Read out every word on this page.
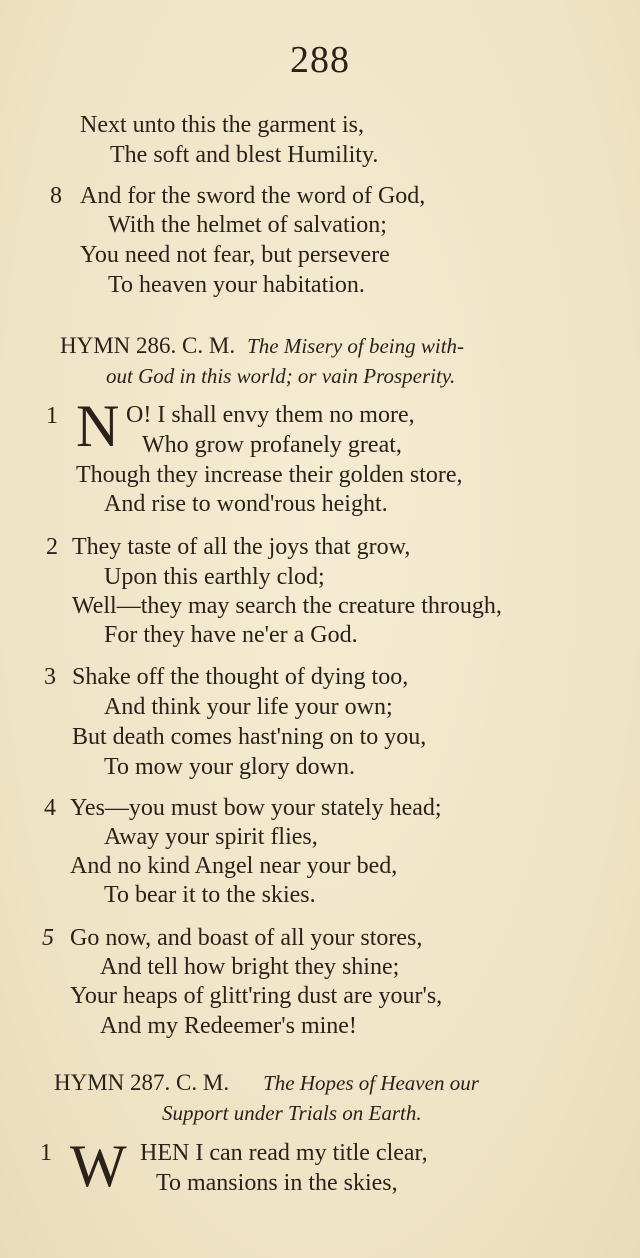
288
Next unto this the garment is,
The soft and blest Humility.
8 And for the sword the word of God,
With the helmet of salvation;
You need not fear, but persevere
To heaven your habitation.
HYMN 286. C. M. The Misery of being with-
out God in this world; or vain Prosperity.
1 N O! I shall envy them no more,
Who grow profanely great,
Though they increase their golden store,
And rise to wond'rous height.
2 They taste of all the joys that grow,
Upon this earthly clod;
Well—they may search the creature through,
For they have ne'er a God.
3 Shake off the thought of dying too,
And think your life your own;
But death comes hast'ning on to you,
To mow your glory down.
4 Yes—you must bow your stately head;
Away your spirit flies,
And no kind Angel near your bed,
To bear it to the skies.
5 Go now, and boast of all your stores,
And tell how bright they shine;
Your heaps of glitt'ring dust are your's,
And my Redeemer's mine!
HYMN 287. C. M. The Hopes of Heaven our
Support under Trials on Earth.
1 W HEN I can read my title clear,
To mansions in the skies,
